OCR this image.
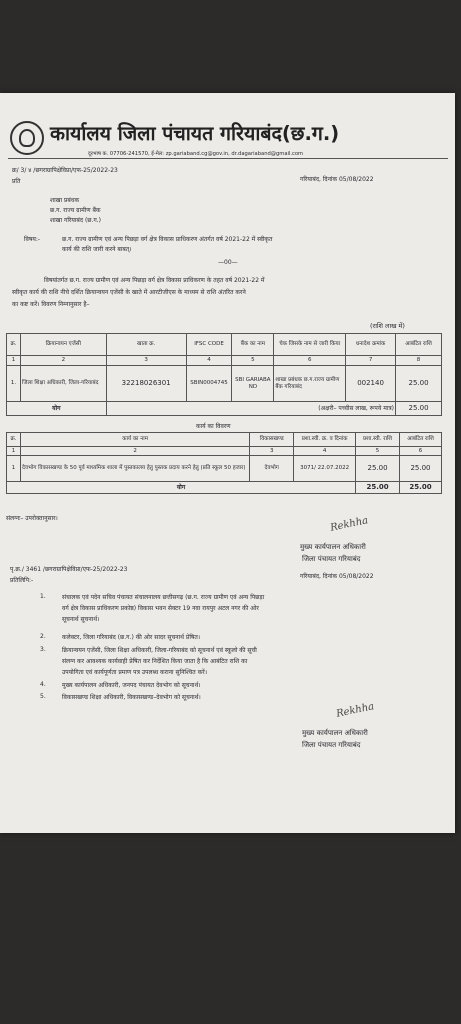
कार्यालय जिला पंचायत गरियाबंद(छ.ग.)
दूरभाष क. 07706-241570, ई-मेल: zp.gariaband.cg@gov.in, dr.dagariaband@gmail.com
क्र/ 3/ ४ /छगराग्रापिक्षेविप्रा/एफ-25/2022-23
प्रति	गरियाबंद, दिनांक 05/08/2022
शाखा प्रबंधक
छ.ग. राज्य ग्रामीण बैंक
शाखा गरियाबंद (छ.ग.)
विषय:-	छ.ग. राज्य ग्रामीण एवं अन्य पिछड़ा वर्ग क्षेत्र विकास प्राधिकरण अंतर्गत वर्ष 2021-22 में स्वीकृत
कार्य की राशि जारी करने बाबत्।
—00—
विषयांतर्गत छ.ग. राज्य ग्रामीण एवं अन्य पिछड़ा वर्ग क्षेत्र विकास प्राधिकरण के तहत वर्ष 2021-22 में
स्वीकृत कार्य की राशि नीचे दर्शित क्रियान्वयन एजेंसी के खाते में आरटीजीएस के माध्यम से राशि अंतरित करने
का कष्ट करें। विवरण निम्नानुसार है–
(राशि लाख में)
क्र.	क्रियान्वयन एजेंसी	खाता क्र.	IFSC CODE	बैंक का नाम	चेक जिसके नाम से जारी किया	धनादेश क्रमांक	आबंटित राशि
1	2	3	4	5	6	7	8
1.	जिला शिक्षा अधिकारी, जिला-गरियाबंद	32218026301	SBIN0004745	SBI GARIABAND	शाखा प्रबंधक छ.ग.राज्य ग्रामीण बैंक गरियाबंद	002140	25.00
योग		(अक्षरी– पच्चीस लाख, रूपये मात्र)					25.00
कार्य का विवरण
क्र.	कार्य का नाम	विकासखण्ड	प्रशा.स्वी. क्र. व दिनांक	प्रशा.स्वी. राशि	आबंटित राशि
1	2	3	4	5	6
1	देवभोग विकासखण्ड के 50 पूर्व माध्यमिक शाला में पुस्तकालय हेतु पुस्तक प्रदाय करने हेतु (प्रति स्कूल 50 हजार)	देवभोग	3071/ 22.07.2022	25.00	25.00
योग				25.00	25.00
संलग्नः– उपरोक्तानुसार।	Rekhha
मुख्य कार्यपालन अधिकारी
जिला पंचायत गरियाबंद
पृ.क्र./ 3461 /छगराग्रापिक्षेविप्रा/एफ-25/2022-23
प्रतिलिपि:-
गरियाबंद, दिनांक 05/08/2022
1.	संचालक एवं पदेन सचिव पंचायत संचालनालय छत्तीसगढ़ (छ.ग. राज्य ग्रामीण एवं अन्य पिछड़ा
वर्ग क्षेत्र विकास प्राधिकरण प्रकोष्ठ) विकास भवन सेक्टर 19 नवा रायपुर अटल नगर की ओर
सूचनार्थ सूचनार्थ।
2.	कलेक्टर, जिला गरियाबंद (छ.ग.) की ओर सादर सूचनार्थ प्रेषित।
3.	क्रियान्वयन एजेंसी, जिला शिक्षा अधिकारी, जिला-गरियाबंद को सूचनार्थ एवं स्कूलो की सूची
संलग्न कर आवश्यक कार्यवाही प्रेषित कर निर्देशित किया जाता है कि आबंटित राशि का
उपयोगिता एवं कार्यपूर्णता प्रमाण पत्र उपलब्ध कराना सुनिश्चित करें।
4.	मुख्य कार्यपालन अधिकारी, जनपद पंचायत देवभोग को सूचनार्थ।
5.	विकासखण्ड शिक्षा अधिकारी, विकासखण्ड–देवभोग को सूचनार्थ।
Rekhha
मुख्य कार्यपालन अधिकारी
जिला पंचायत गरियाबंद
